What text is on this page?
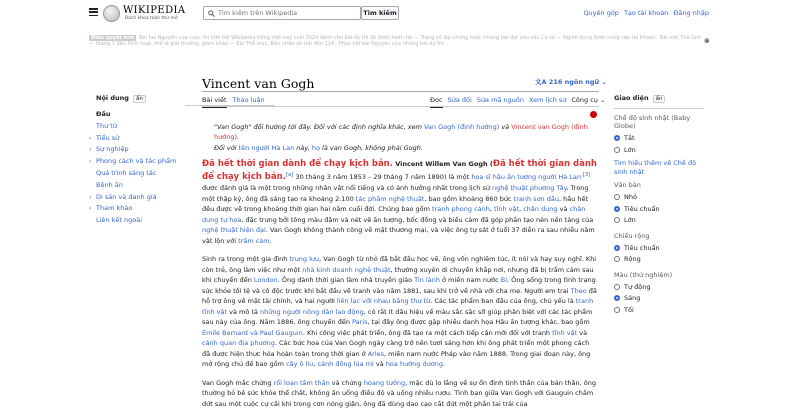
WIKIPEDIA
Bách khoa toàn thư mở
Tìm kiếm trên Wikipedia
Tìm kiếm	Quyên góp Tạo tài khoản Đăng nhập
Điều quyết non Bài hai Nguyên của cuộc thi Viết bài Wikipedia tiếng Việt nay cuối 2024 dành cho bài dự thi đã được hoàn tất — Trang cổ lập chứng hoặc những bài đạt yêu cầu Cơ sở — Người dùng được cung cấp tài khoản · Bài viết Thế Giới — tháng 1 đến Sinh hoạt, thể lệ giải thưởng, giám khảo — Bài Thể mục, Bản nhấn và trải đến 114 · Phục hồi bài Nguyên của những bài dự thi	⊗
Nội dung ẩn
Đầu
Thư từ
› Tiểu sử
› Sự nghiệp
› Phong cách và tác phẩm
Quá trình sáng tác
Bệnh ấn
› Di sản và danh giá
› Tham khảo
Liên kết ngoài
Vincent van Gogh	文A 216 ngôn ngữ ⌄
Bài viết Thảo luận	Đọc Sửa đổi Sửa mã nguồn Xem lịch sử Công cụ ⌄
"Van Gogh" đổi hướng tới đây. Đối với các định nghĩa khác, xem Van Gogh (định hướng) và Vincent van Gogh (định hướng).
Đối với tên người Hà Lan này, họ là van Gogh, không phải Gogh.

Đã hết thời gian dành để chạy kịch bản. Vincent Willem Van Gogh (Đã hết thời gian dành để chạy kịch bản.[a] 30 tháng 3 năm 1853 – 29 tháng 7 năm 1890) là một họa sĩ hậu ấn tượng người Hà Lan$^{,[3]}$ được đánh giá là một trong những nhân vật nổi tiếng và có ảnh hưởng nhất trong lịch sử nghệ thuật phương Tây. Trong một thập kỷ, ông đã sáng tạo ra khoảng 2.100 tác phẩm nghệ thuật, bao gồm khoảng 860 bức tranh sơn dầu, hầu hết đều được vẽ trong khoảng thời gian hai năm cuối đời. Chúng bao gồm tranh phong cảnh, tĩnh vật, chân dung và chân dung tự họa, đặc trưng bởi tông màu đậm và nét vẽ ấn tượng, bốc đồng và biểu cảm đã góp phần tạo nên nền tảng của nghệ thuật hiện đại. Van Gogh không thành công về mặt thương mại, và việc ông tự sát ở tuổi 37 diễn ra sau nhiều năm vật lộn với trầm cảm.

Sinh ra trong một gia đình trung lưu, Van Gogh từ nhỏ đã bắt đầu học vẽ, ông vốn nghiêm túc, ít nói và hay suy nghĩ. Khi còn trẻ, ông làm việc như một nhà kinh doanh nghệ thuật, thường xuyên di chuyển khắp nơi, nhưng đã bị trầm cảm sau khi chuyển đến London. Ông dành thời gian làm nhà truyền giáo Tin lành ở miền nam nước Bỉ. Ông sống trong tình trạng sức khỏe tồi tệ và cô độc trước khi bắt đầu vẽ tranh vào năm 1881, sau khi trở về nhà với cha mẹ. Người em trai Theo đã hỗ trợ ông về mặt tài chính, và hai người liên lạc với nhau bằng thư từ. Các tác phẩm ban đầu của ông, chủ yếu là tranh tĩnh vật và mô tả những người nông dân lao động, có rất ít dấu hiệu về màu sắc sặc sỡ giúp phân biệt với các tác phẩm sau này của ông. Năm 1886, ông chuyển đến Paris, tại đây ông được gặp nhiều danh họa Hậu ấn tượng khác, bao gồm Émile Bernard và Paul Gauguin. Khi công việc phát triển, ông đã tạo ra một cách tiếp cận mới đối với tranh tĩnh vật và cảnh quan địa phương. Các bức họa của Van Gogh ngày càng trở nên tươi sáng hơn khi ông phát triển một phong cách đã được hiện thực hóa hoàn toàn trong thời gian ở Arles, miền nam nước Pháp vào năm 1888. Trong giai đoạn này, ông mở rộng chủ đề bao gồm cây ô liu, cánh đồng lúa mì và hoa hướng dương.

Van Gogh mắc chứng rối loạn tâm thần và chứng hoang tưởng, mặc dù lo lắng về sự ổn định tinh thần của bản thân, ông thường bỏ bê sức khỏe thể chất, không ăn uống điều độ và uống nhiều rượu. Tình bạn giữa Van Gogh với Gauguin chấm dứt sau một cuộc cự cãi khi trong cơn nóng giận, ông đã dùng dao cạo cắt đứt một phần tai trái của

Giao diện ẩn
Chế độ sinh nhật (Baby Globe)
Tắt
Lớn
Tìm hiểu thêm về Chế độ sinh nhật
Văn bản
Nhỏ
Tiêu chuẩn
Lớn
Chiều rộng
Tiêu chuẩn
Rộng
Màu (thử nghiệm)
Tự động
Sáng
Tối
